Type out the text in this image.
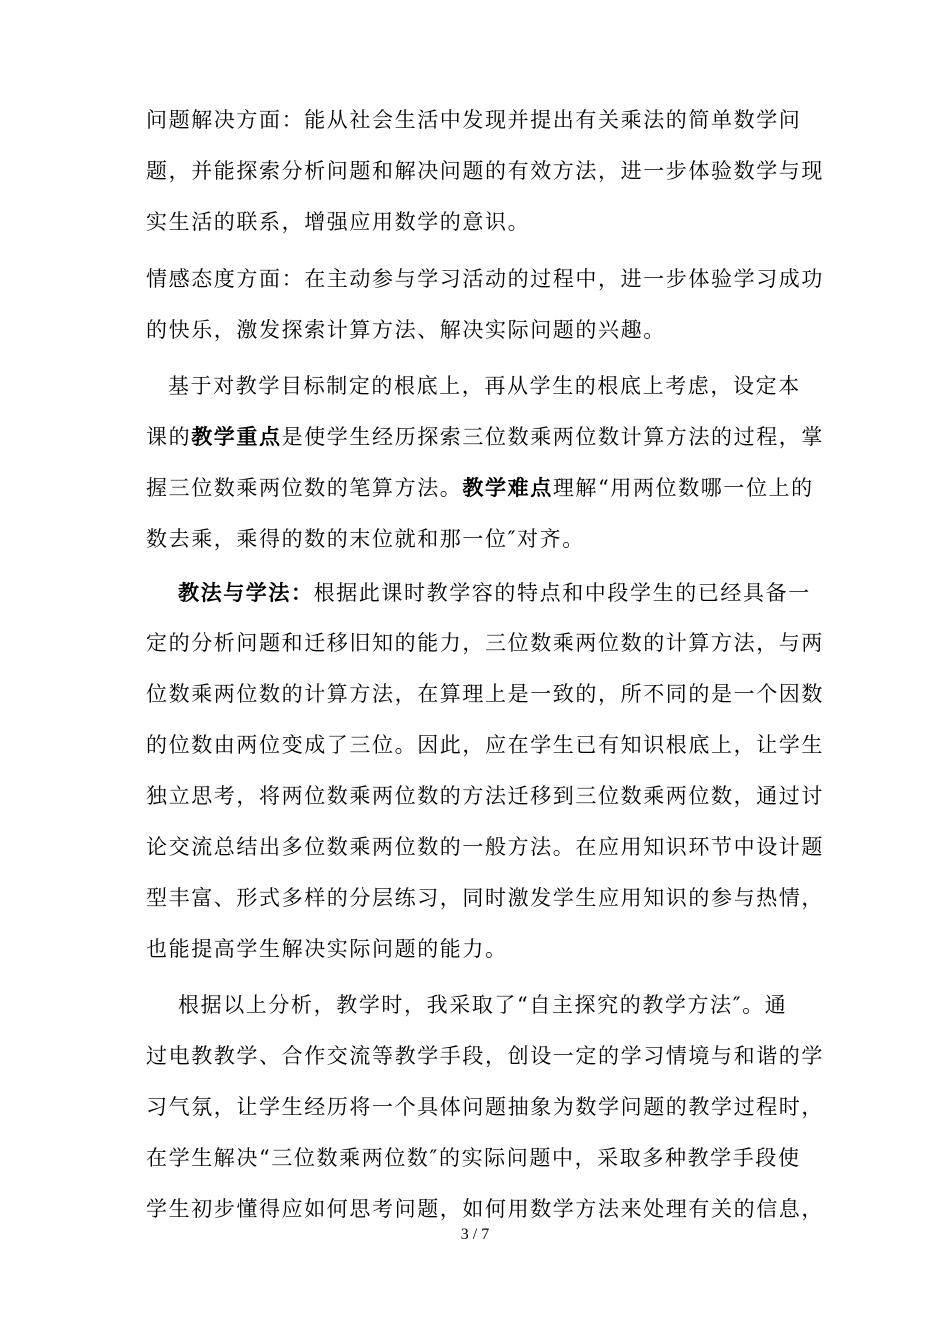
问题解决方面：能从社会生活中发现并提出有关乘法的简单数学问
题，并能探索分析问题和解决问题的有效方法，进一步体验数学与现
实生活的联系，增强应用数学的意识。
情感态度方面：在主动参与学习活动的过程中，进一步体验学习成功
的快乐，激发探索计算方法、解决实际问题的兴趣。
基于对教学目标制定的根底上，再从学生的根底上考虑，设定本
课的教学重点是使学生经历探索三位数乘两位数计算方法的过程，掌
握三位数乘两位数的笔算方法。教学难点理解“用两位数哪一位上的
数去乘，乘得的数的末位就和那一位″对齐。
教法与学法：根据此课时教学容的特点和中段学生的已经具备一
定的分析问题和迁移旧知的能力，三位数乘两位数的计算方法，与两
位数乘两位数的计算方法，在算理上是一致的，所不同的是一个因数
的位数由两位变成了三位。因此，应在学生已有知识根底上，让学生
独立思考，将两位数乘两位数的方法迁移到三位数乘两位数，通过讨
论交流总结出多位数乘两位数的一般方法。在应用知识环节中设计题
型丰富、形式多样的分层练习，同时激发学生应用知识的参与热情，
也能提高学生解决实际问题的能力。
根据以上分析，教学时，我采取了“自主探究的教学方法″。通
过电教教学、合作交流等教学手段，创设一定的学习情境与和谐的学
习气氛，让学生经历将一个具体问题抽象为数学问题的教学过程时，
在学生解决“三位数乘两位数″的实际问题中，采取多种教学手段使
学生初步懂得应如何思考问题，如何用数学方法来处理有关的信息，
3 / 7
